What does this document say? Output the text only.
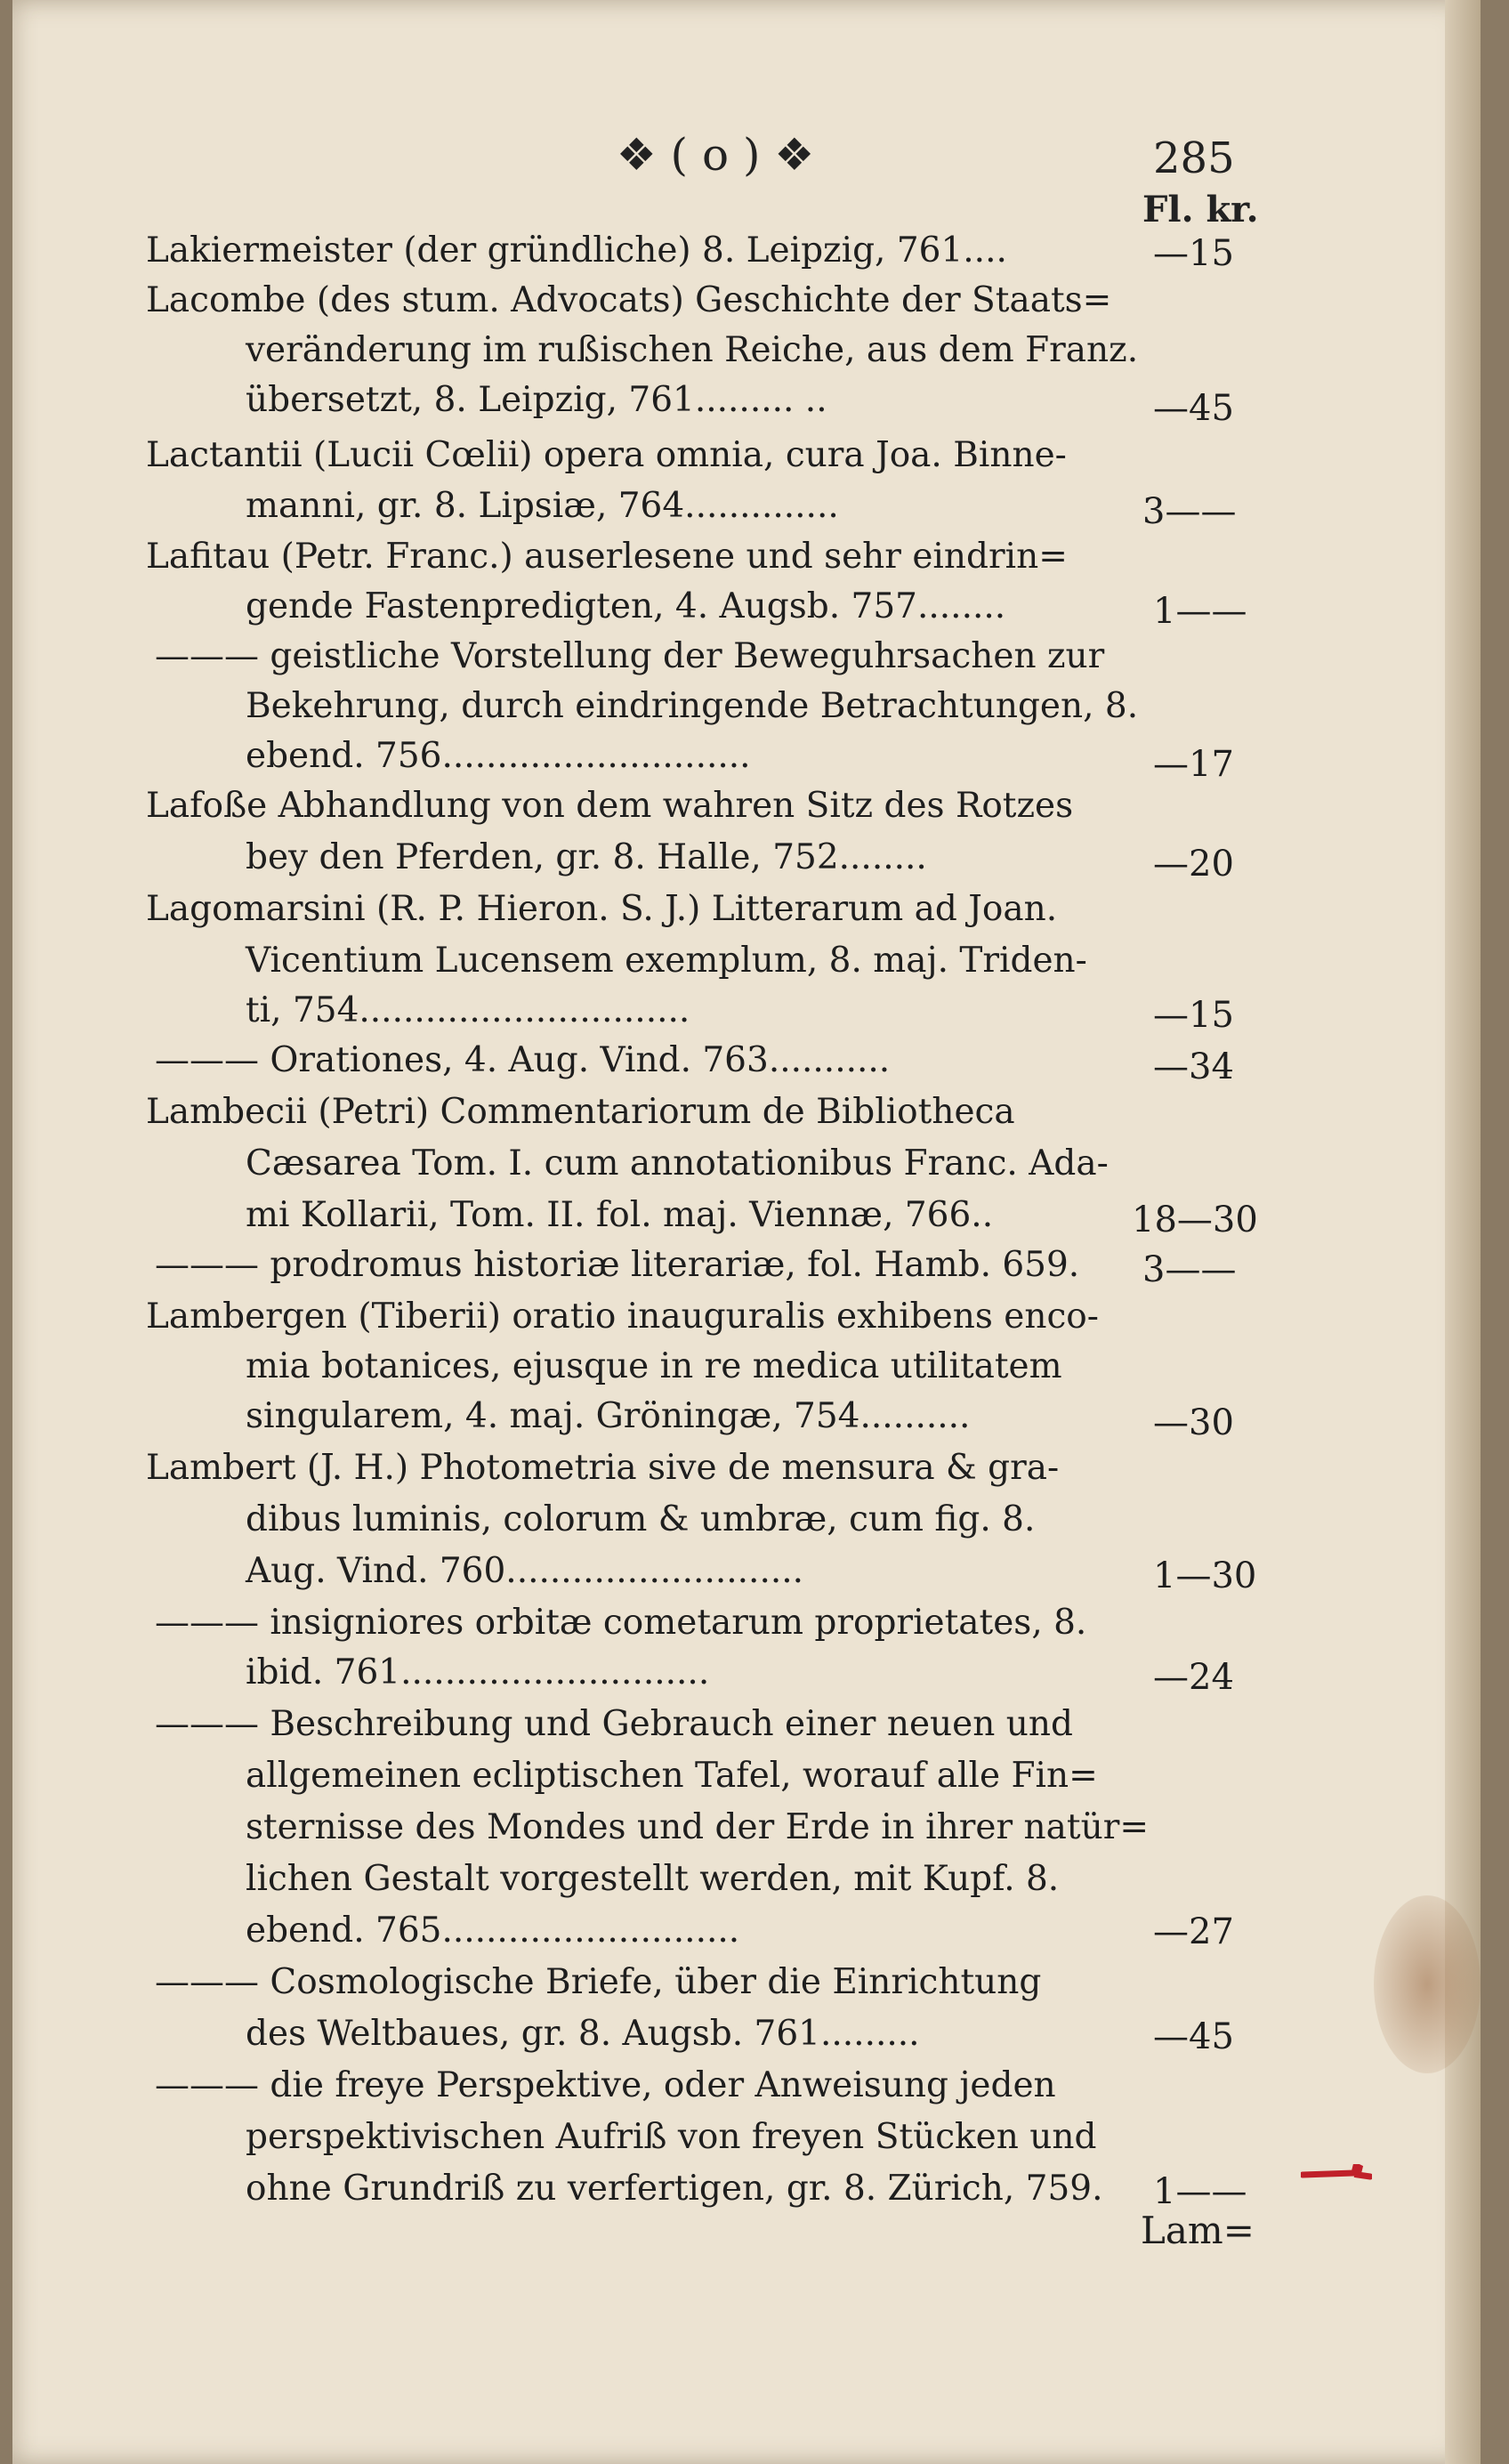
❖ ( o ) ❖	285
Fl. kr.
Lakiermeister (der gründliche) 8. Leipzig, 761....
Lacombe (des stum. Advocats) Geschichte der Staats=
veränderung im rußischen Reiche, aus dem Franz.
übersetzt, 8. Leipzig, 761......... ..
Lactantii (Lucii Cœlii) opera omnia, cura Joa. Binne-
manni, gr. 8. Lipsiæ, 764..............
Lafitau (Petr. Franc.) auserlesene und sehr eindrin=
gende Fastenpredigten, 4. Augsb. 757........
——— geistliche Vorstellung der Beweguhrsachen zur
Bekehrung, durch eindringende Betrachtungen, 8.
ebend. 756............................
Lafoße Abhandlung von dem wahren Sitz des Rotzes
bey den Pferden, gr. 8. Halle, 752........
Lagomarsini (R. P. Hieron. S. J.) Litterarum ad Joan.
Vicentium Lucensem exemplum, 8. maj. Triden-
ti, 754..............................
——— Orationes, 4. Aug. Vind. 763...........
Lambecii (Petri) Commentariorum de Bibliotheca
Cæsarea Tom. I. cum annotationibus Franc. Ada-
mi Kollarii, Tom. II. fol. maj. Viennæ, 766..
——— prodromus historiæ literariæ, fol. Hamb. 659.
Lambergen (Tiberii) oratio inauguralis exhibens enco-
mia botanices, ejusque in re medica utilitatem
singularem, 4. maj. Gröningæ, 754..........
Lambert (J. H.) Photometria sive de mensura & gra-
dibus luminis, colorum & umbræ, cum fig. 8.
Aug. Vind. 760...........................
——— insigniores orbitæ cometarum proprietates, 8.
ibid. 761............................
——— Beschreibung und Gebrauch einer neuen und
allgemeinen ecliptischen Tafel, worauf alle Fin=
sternisse des Mondes und der Erde in ihrer natür=
lichen Gestalt vorgestellt werden, mit Kupf. 8.
ebend. 765...........................
——— Cosmologische Briefe, über die Einrichtung
des Weltbaues, gr. 8. Augsb. 761.........
——— die freye Perspektive, oder Anweisung jeden
perspektivischen Aufriß von freyen Stücken und
ohne Grundriß zu verfertigen, gr. 8. Zürich, 759.
—15
—45
3——
1——
—17
—20
—15
—34
18—30
3——
—30
1—30
—24
—27
—45
1——
Lam=
